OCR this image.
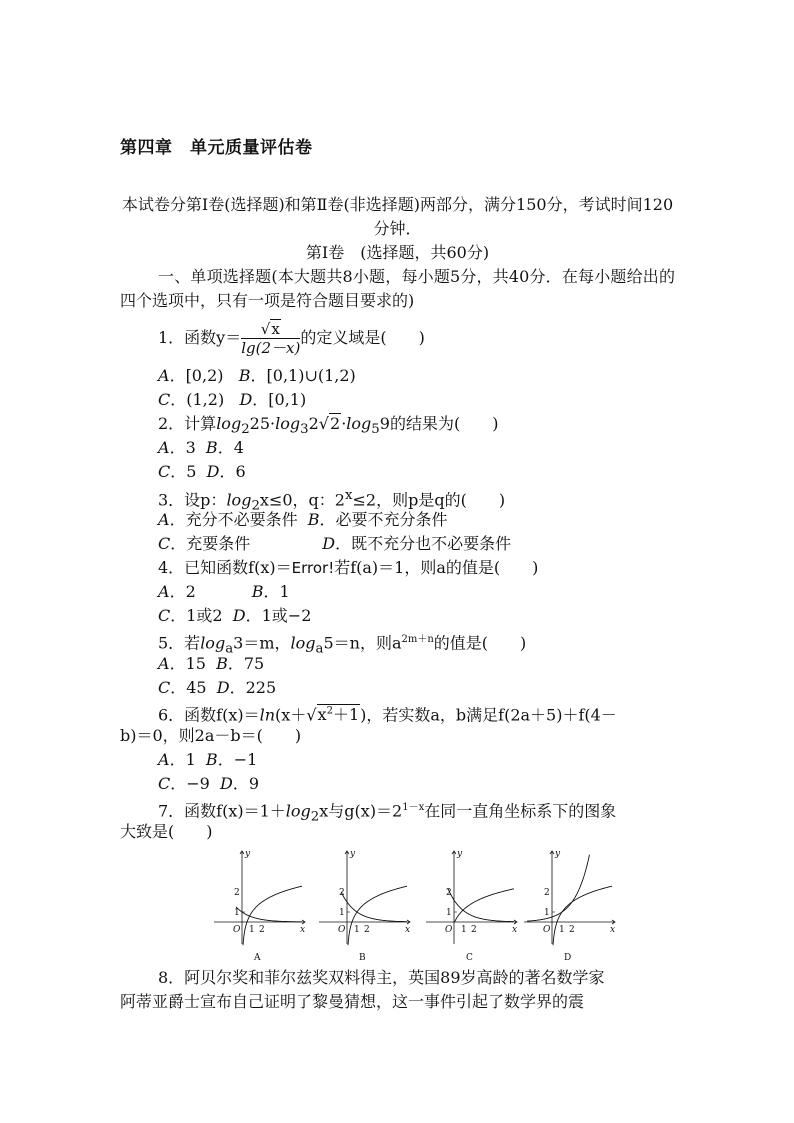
第四章　单元质量评估卷
本试卷分第Ⅰ卷(选择题)和第Ⅱ卷(非选择题)两部分，满分150分，考试时间120分钟．
第Ⅰ卷　(选择题，共60分)
一、单项选择题(本大题共8小题，每小题5分，共40分．在每小题给出的四个选项中，只有一项是符合题目要求的)
1．函数$y= \frac{√x}{\lg(2-x)}$ 的定义域是(　　)
A．[0,2) B．[0,1)∪(1,2)
C．(1,2) D．[0,1)
2．计算$\log_225\cdot\log_32√2\cdot\log_59$的结果为(　　)
A．3 B．4
C．5 D．6
3．设p：$\log_2x\le 0$，q：$2^x\le 2$，则p是q的(　　)
A．充分不必要条件 B．必要不充分条件
C．充要条件	D．既不充分也不必要条件
4．已知函数f(x)＝Error!若f(a)＝1，则a的值是(　　)
A．2	B．1
C．1或2 D．1或−2
5．若$\log_a3=m$，$\log_a5=n$，则$a^{2m+n}$的值是(　　)
A．15 B．75
C．45 D．225
6．函数$f(x)=\ln(x+√x^2+1)$，若实数a，b满足f(2a＋5)＋f(4－
b)＝0，则2a－b＝(　　)
A．1 B．−1
C．−9 D．9
7．函数$f(x)=1+\log_2x$与$g(x)=2^{1-x}$在同一直角坐标系下的图象
大致是(　　)
y
x
O
1
2
1 2
A
y
x
O
1
2
1 2
B
y
x
O
1
2
1 2
C
y
x
O
1
2
1 2
D
8．阿贝尔奖和菲尔兹奖双料得主，英国89岁高龄的著名数学家
阿蒂亚爵士宣布自己证明了黎曼猜想，这一事件引起了数学界的震
